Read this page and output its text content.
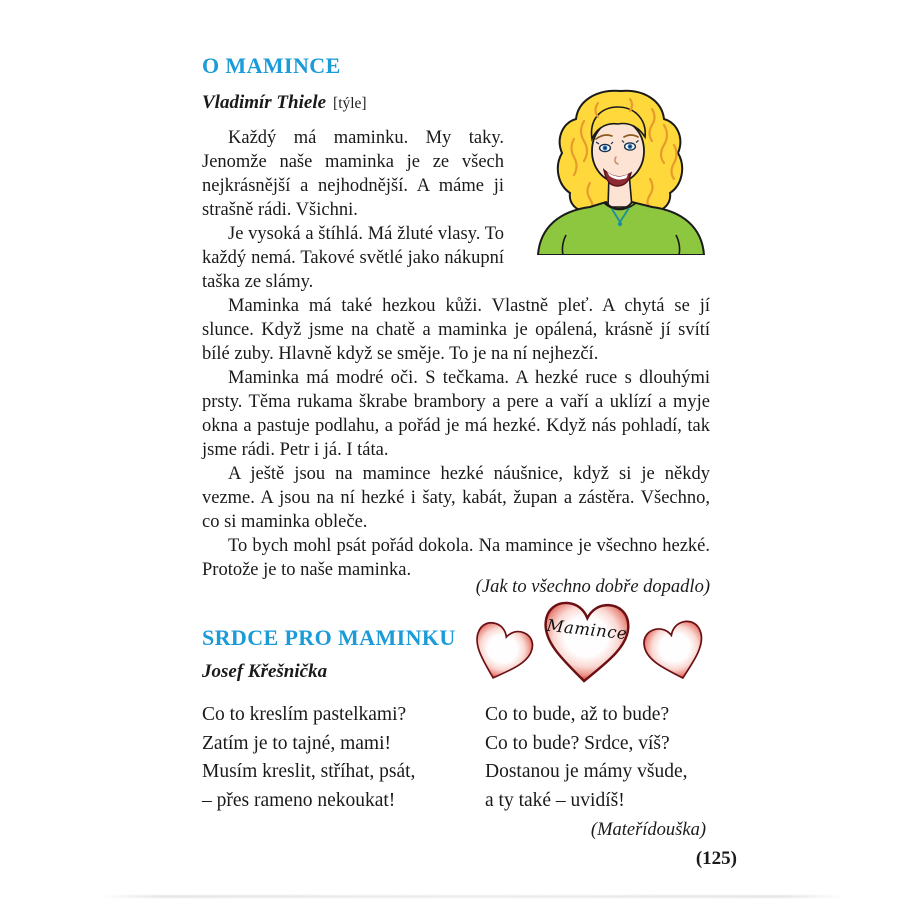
O MAMINCE
Vladimír Thiele [týle]

Každý má maminku. My taky. Jenomže naše maminka je ze všech nejkrásnější a nejhodnější. A máme ji strašně rádi. Všichni.

Je vysoká a štíhlá. Má žluté vlasy. To každý nemá. Takové světlé jako nákupní taška ze slámy.

Maminka má také hezkou kůži. Vlastně pleť. A chytá se jí slunce. Když jsme na chatě a maminka je opálená, krásně jí svítí bílé zuby. Hlavně když se směje. To je na ní nejhezčí.

Maminka má modré oči. S tečkama. A hezké ruce s dlouhými prsty. Těma rukama škrabe brambory a pere a vaří a uklízí a myje okna a pastuje podlahu, a pořád je má hezké. Když nás pohladí, tak jsme rádi. Petr i já. I táta.

A ještě jsou na mamince hezké náušnice, když si je někdy vezme. A jsou na ní hezké i šaty, kabát, župan a zástěra. Všechno, co si maminka obleče.

To bych mohl psát pořád dokola. Na mamince je všechno hezké. Protože je to naše maminka.

(Jak to všechno dobře dopadlo)
Mamince
SRDCE PRO MAMINKU
Josef Křešnička
Co to kreslím pastelkami?
Zatím je to tajné, mami!
Musím kreslit, stříhat, psát,
– přes rameno nekoukat!
Co to bude, až to bude?
Co to bude? Srdce, víš?
Dostanou je mámy všude,
a ty také – uvidíš!
(Mateřídouška)
(125)
